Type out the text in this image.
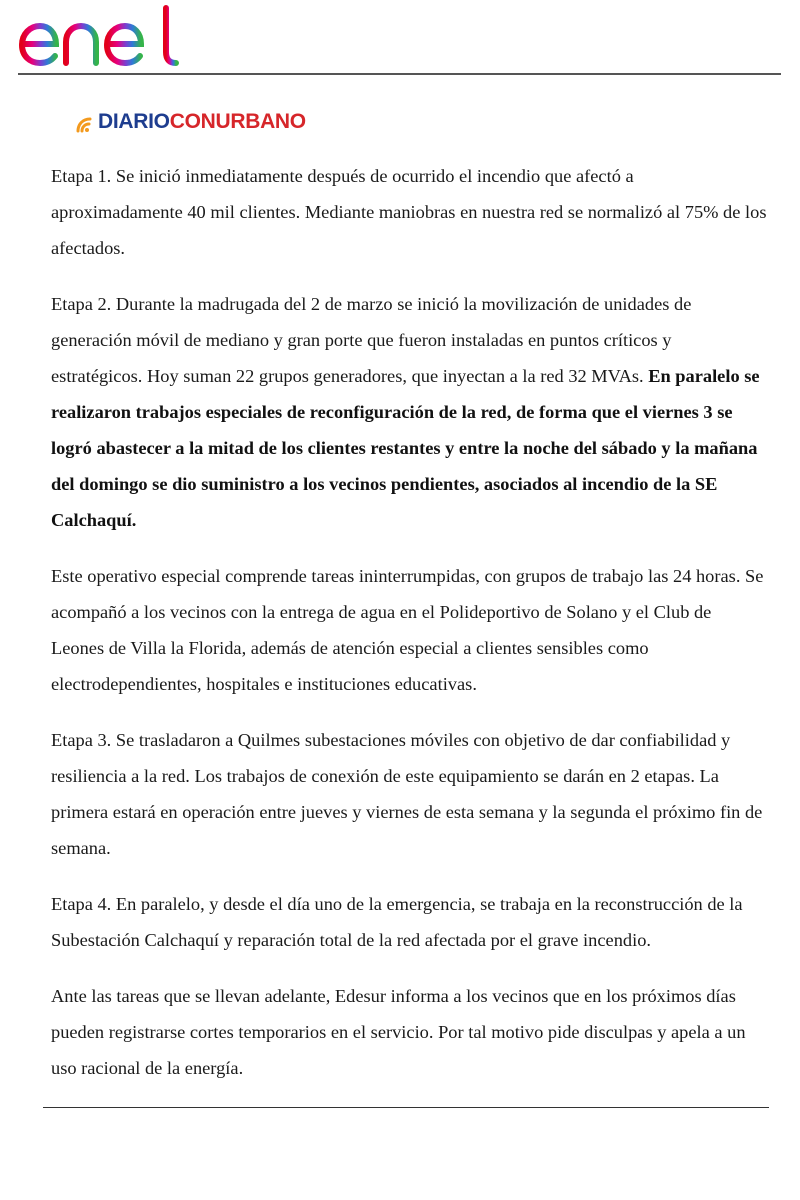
DIARIOCONURBANO

Etapa 1. Se inició inmediatamente después de ocurrido el incendio que afectó a aproximadamente 40 mil clientes. Mediante maniobras en nuestra red se normalizó al 75% de los afectados.

Etapa 2. Durante la madrugada del 2 de marzo se inició la movilización de unidades de generación móvil de mediano y gran porte que fueron instaladas en puntos críticos y estratégicos. Hoy suman 22 grupos generadores, que inyectan a la red 32 MVAs. En paralelo se realizaron trabajos especiales de reconfiguración de la red, de forma que el viernes 3 se logró abastecer a la mitad de los clientes restantes y entre la noche del sábado y la mañana del domingo se dio suministro a los vecinos pendientes, asociados al incendio de la SE Calchaquí.

Este operativo especial comprende tareas ininterrumpidas, con grupos de trabajo las 24 horas. Se acompañó a los vecinos con la entrega de agua en el Polideportivo de Solano y el Club de Leones de Villa la Florida, además de atención especial a clientes sensibles como electrodependientes, hospitales e instituciones educativas.

Etapa 3. Se trasladaron a Quilmes subestaciones móviles con objetivo de dar confiabilidad y resiliencia a la red. Los trabajos de conexión de este equipamiento se darán en 2 etapas. La primera estará en operación entre jueves y viernes de esta semana y la segunda el próximo fin de semana.

Etapa 4. En paralelo, y desde el día uno de la emergencia, se trabaja en la reconstrucción de la Subestación Calchaquí y reparación total de la red afectada por el grave incendio.

Ante las tareas que se llevan adelante, Edesur informa a los vecinos que en los próximos días pueden registrarse cortes temporarios en el servicio. Por tal motivo pide disculpas y apela a un uso racional de la energía.
